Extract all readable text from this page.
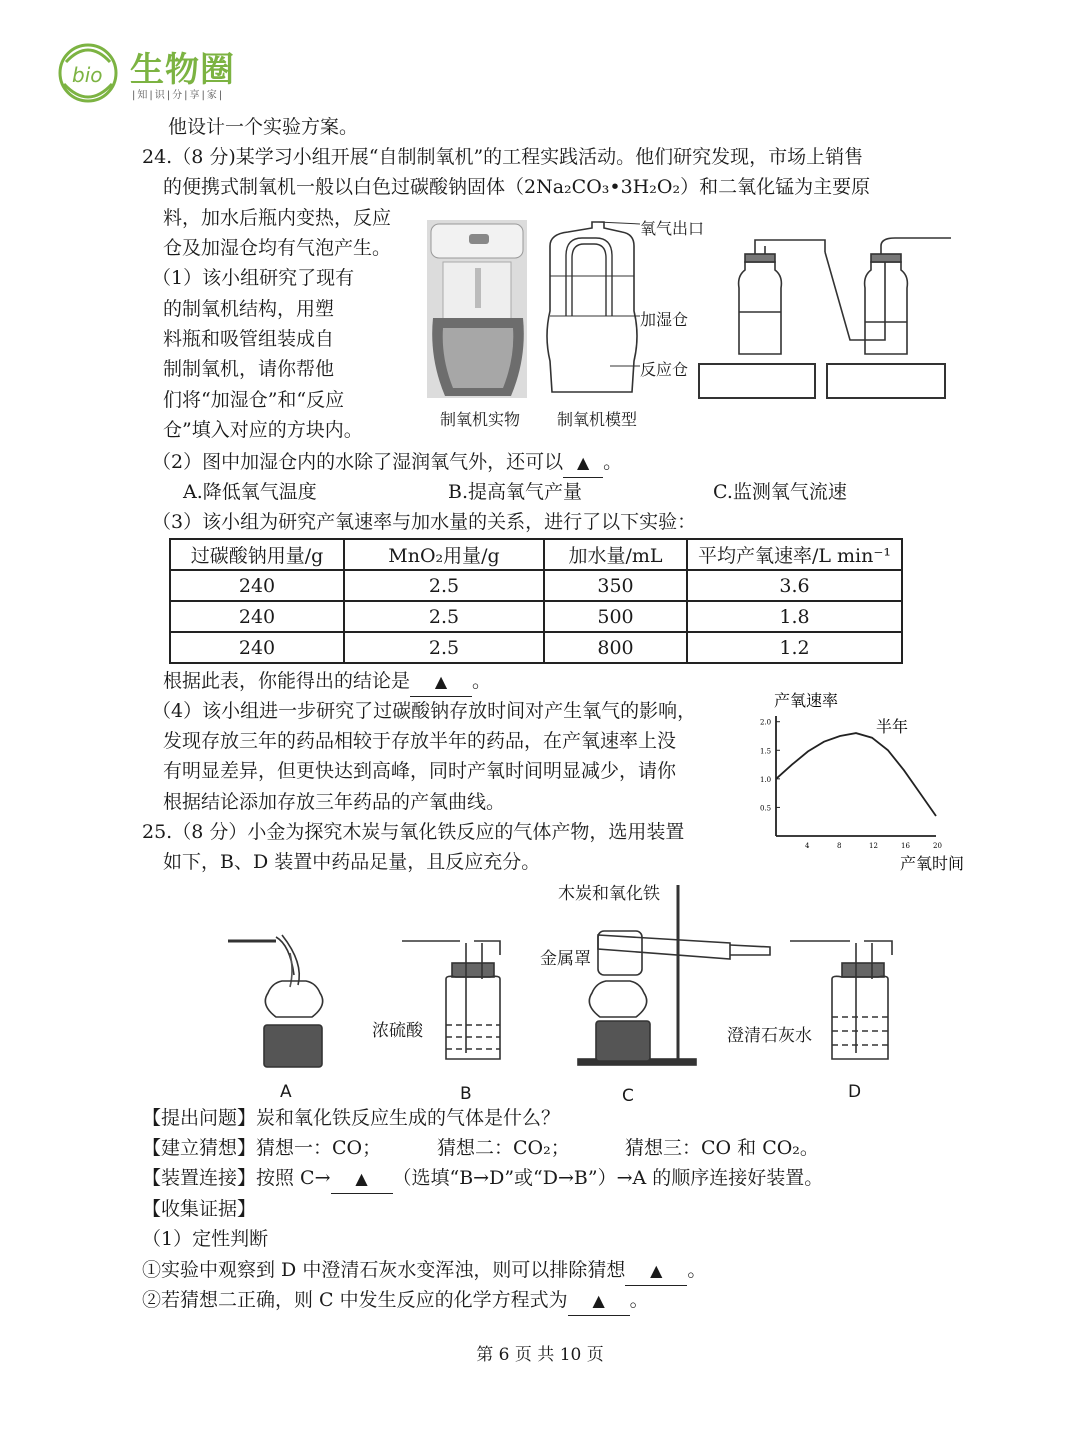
bio 生物圈
|知|识|分|享|家|
他设计一个实验方案。
24.（8 分)某学习小组开展“自制制氧机”的工程实践活动。他们研究发现，市场上销售
的便携式制氧机一般以白色过碳酸钠固体（2Na₂CO₃•3H₂O₂）和二氧化锰为主要原
料，加水后瓶内变热，反应
仓及加湿仓均有气泡产生。
（1）该小组研究了现有
的制氧机结构，用塑
料瓶和吸管组装成自
制制氧机，请你帮他
们将“加湿仓”和“反应
仓”填入对应的方块内。
氧气出口
加湿仓
反应仓
制氧机实物 制氧机模型
（2）图中加湿仓内的水除了湿润氧气外，还可以 ▲ 。
A.降低氧气温度	B.提高氧气产量	C.监测氧气流速
（3）该小组为研究产氧速率与加水量的关系，进行了以下实验：
过碳酸钠用量/g	MnO₂用量/g	加水量/mL	平均产氧速率/L min⁻¹
240	2.5	350	3.6
240	2.5	500	1.8
240	2.5	800	1.2
根据此表，你能得出的结论是 ▲ 。
（4）该小组进一步研究了过碳酸钠存放时间对产生氧气的影响，
发现存放三年的药品相较于存放半年的药品，在产氧速率上没
有明显差异，但更快达到高峰，同时产氧时间明显减少，请你
根据结论添加存放三年药品的产氧曲线。
产氧速率
产氧时间
2.0
1.5
1.0
0.5
4	8	12	16	20
半年
25.（8 分）小金为探究木炭与氧化铁反应的气体产物，选用装置
如下，B、D 装置中药品足量，且反应充分。
木炭和氧化铁
金属罩
浓硫酸	澄清石灰水
A	B	C	D
【提出问题】炭和氧化铁反应生成的气体是什么？
【建立猜想】猜想一：CO；	猜想二：CO₂；	猜想三：CO 和 CO₂。
【装置连接】按照 C→ ▲ （选填“B→D”或“D→B”）→A 的顺序连接好装置。
【收集证据】
（1）定性判断
①实验中观察到 D 中澄清石灰水变浑浊，则可以排除猜想 ▲ 。
②若猜想二正确，则 C 中发生反应的化学方程式为 ▲ 。
第 6 页 共 10 页
